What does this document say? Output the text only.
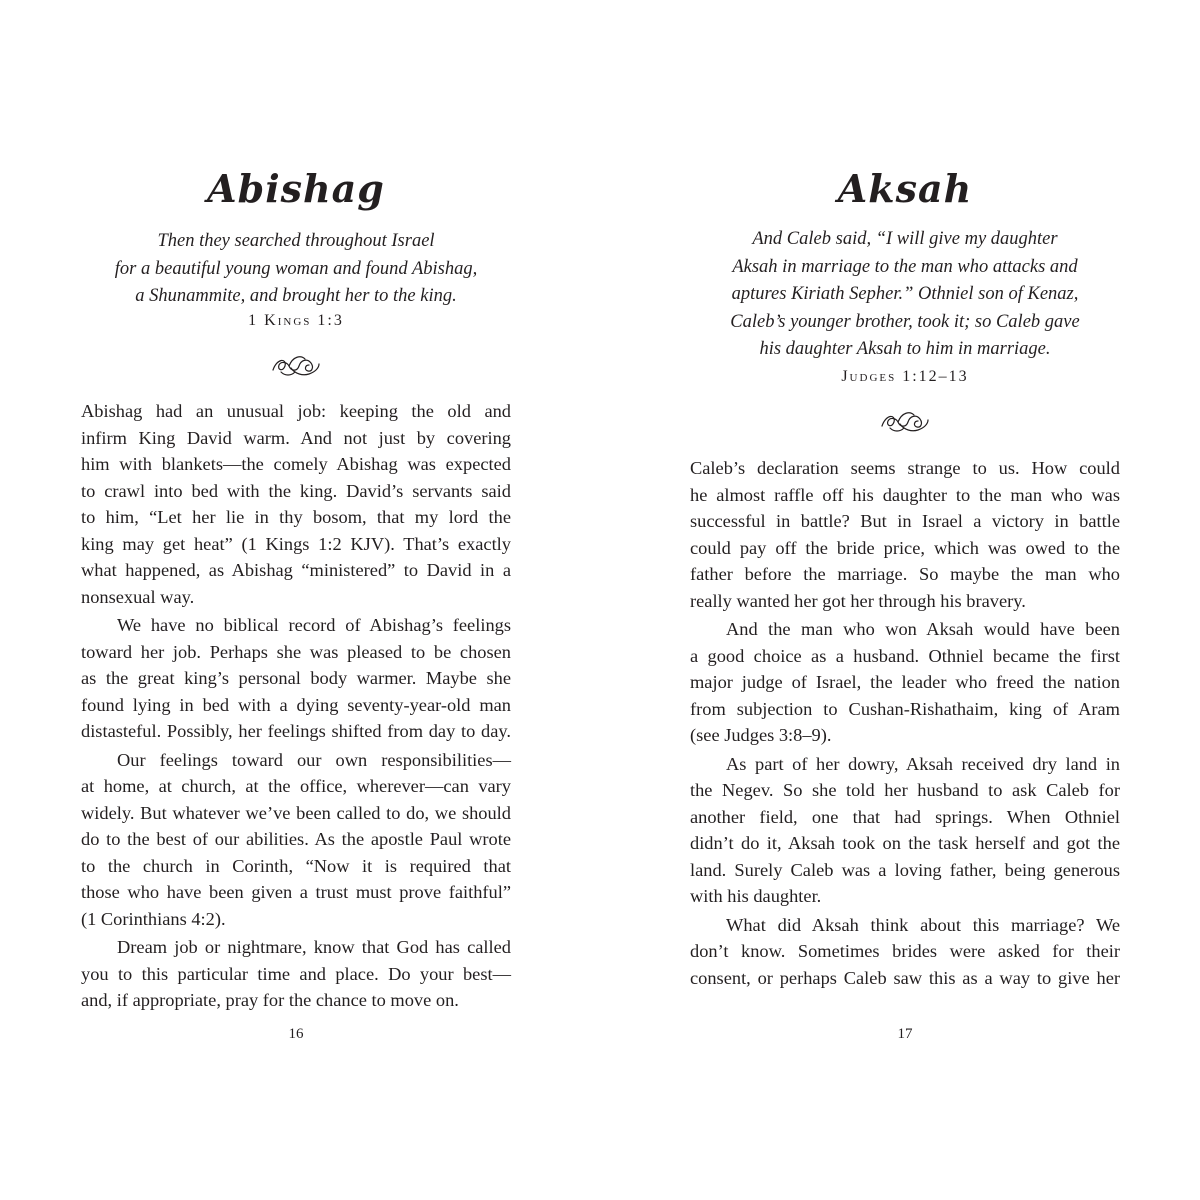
Abishag
Then they searched throughout Israel
for a beautiful young woman and found Abishag,
a Shunammite, and brought her to the king.
1 Kings 1:3

Abishag had an unusual job: keeping the old and
infirm King David warm. And not just by covering
him with blankets—the comely Abishag was expected
to crawl into bed with the king. David’s servants said
to him, “Let her lie in thy bosom, that my lord the
king may get heat” (1 Kings 1:2 KJV). That’s exactly
what happened, as Abishag “ministered” to David in a
nonsexual way.

We have no biblical record of Abishag’s feelings
toward her job. Perhaps she was pleased to be chosen
as the great king’s personal body warmer. Maybe she
found lying in bed with a dying seventy-year-old man
distasteful. Possibly, her feelings shifted from day to day.

Our feelings toward our own responsibilities—
at home, at church, at the office, wherever—can vary
widely. But whatever we’ve been called to do, we should
do to the best of our abilities. As the apostle Paul wrote
to the church in Corinth, “Now it is required that
those who have been given a trust must prove faithful”
(1 Corinthians 4:2).

Dream job or nightmare, know that God has called
you to this particular time and place. Do your best—
and, if appropriate, pray for the chance to move on.

16
Aksah
And Caleb said, “I will give my daughter
Aksah in marriage to the man who attacks and
aptures Kiriath Sepher.” Othniel son of Kenaz,
Caleb’s younger brother, took it; so Caleb gave
his daughter Aksah to him in marriage.
Judges 1:12–13

Caleb’s declaration seems strange to us. How could
he almost raffle off his daughter to the man who was
successful in battle? But in Israel a victory in battle
could pay off the bride price, which was owed to the
father before the marriage. So maybe the man who
really wanted her got her through his bravery.

And the man who won Aksah would have been
a good choice as a husband. Othniel became the first
major judge of Israel, the leader who freed the nation
from subjection to Cushan-Rishathaim, king of Aram
(see Judges 3:8–9).

As part of her dowry, Aksah received dry land in
the Negev. So she told her husband to ask Caleb for
another field, one that had springs. When Othniel
didn’t do it, Aksah took on the task herself and got the
land. Surely Caleb was a loving father, being generous
with his daughter.

What did Aksah think about this marriage? We
don’t know. Sometimes brides were asked for their
consent, or perhaps Caleb saw this as a way to give her

17
